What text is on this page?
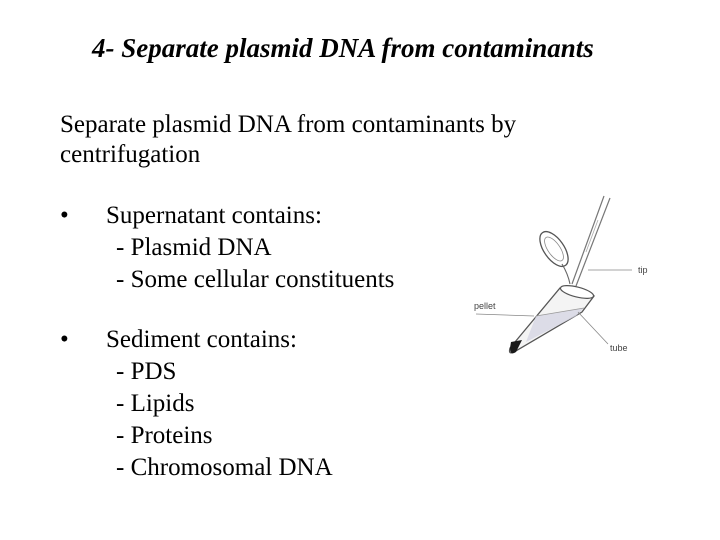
4- Separate plasmid DNA from contaminants
Separate plasmid DNA from contaminants by centrifugation
•	Supernatant contains:
- Plasmid DNA
- Some cellular constituents
•	Sediment contains:
- PDS
- Lipids
- Proteins
- Chromosomal DNA
tip
pellet
tube
